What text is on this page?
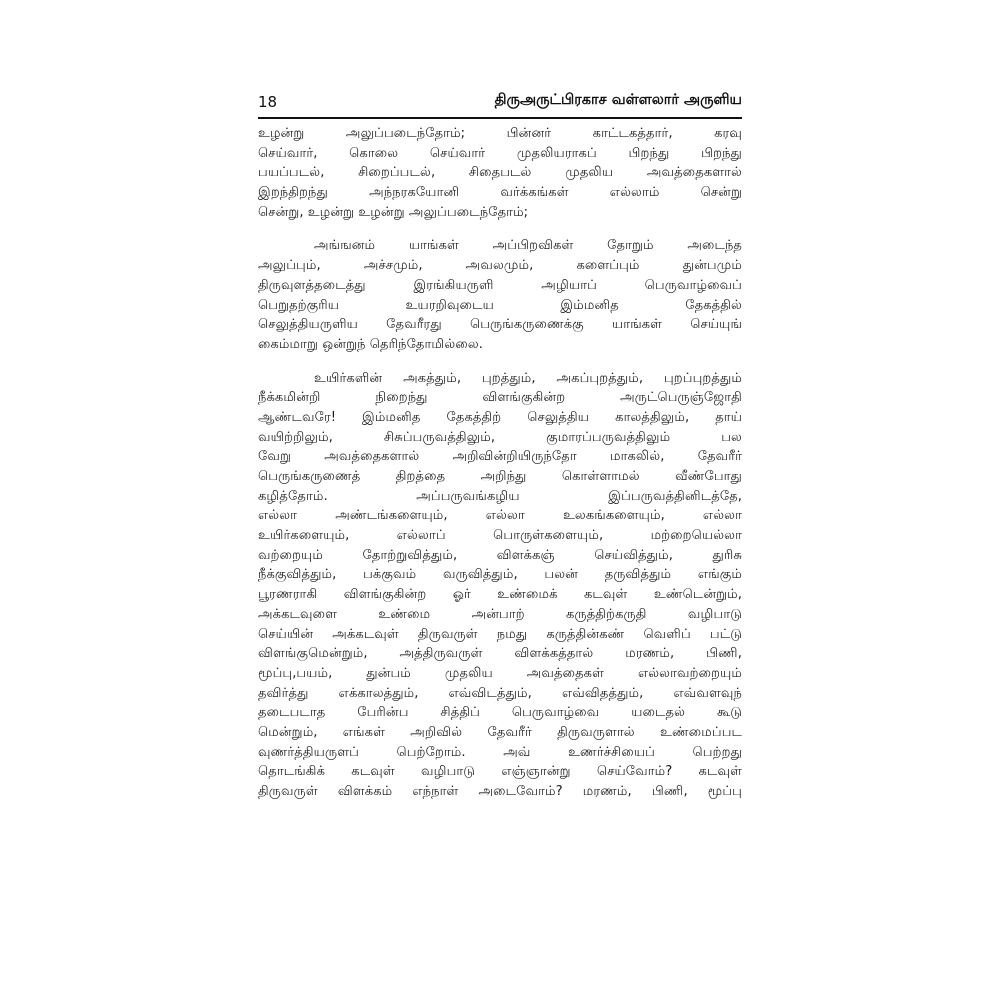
18	திருஅருட்பிரகாச வள்ளலார் அருளிய
உழன்று அலுப்படைந்தோம்; பின்னர் காட்டகத்தார், கரவு
செய்வார், கொலை செய்வார் முதலியராகப் பிறந்து பிறந்து
பயப்படல், சிறைப்படல், சிதைபடல் முதலிய அவத்தைகளால்
இறந்திறந்து அந்நரகயோனி வர்க்கங்கள் எல்லாம் சென்று
சென்று, உழன்று உழன்று அலுப்படைந்தோம்;
அங்ஙனம் யாங்கள் அப்பிறவிகள் தோறும் அடைந்த
அலுப்பும், அச்சமும், அவலமும், களைப்பும் துன்பமும்
திருவுளத்தடைத்து இரங்கியருளி அழியாப் பெருவாழ்வைப்
பெறுதற்குரிய உயரறிவுடைய இம்மனித தேகத்தில்
செலுத்தியருளிய தேவரீரது பெருங்கருணைக்கு யாங்கள் செய்யுங்
கைம்மாறு ஒன்றுந் தெரிந்தோமில்லை.
உயிர்களின் அகத்தும், புறத்தும், அகப்புறத்தும், புறப்புறத்தும்
நீக்கமின்றி நிறைந்து விளங்குகின்ற அருட்பெருஞ்ஜோதி
ஆண்டவரே! இம்மனித தேகத்திற் செலுத்திய காலத்திலும், தாய்
வயிற்றிலும், சிசுப்பருவத்திலும், குமாரப்பருவத்திலும் பல
வேறு அவத்தைகளால் அறிவின்றியிருந்தோ மாகலில், தேவரீர்
பெருங்கருணைத் திறத்தை அறிந்து கொள்ளாமல் வீண்போது
கழித்தோம். அப்பருவங்கழிய இப்பருவத்தினிடத்தே,
எல்லா அண்டங்களையும், எல்லா உலகங்களையும், எல்லா
உயிர்களையும், எல்லாப் பொருள்களையும், மற்றையெல்லா
வற்றையும் தோற்றுவித்தும், விளக்கஞ் செய்வித்தும், துரிசு
நீக்குவித்தும், பக்குவம் வருவித்தும், பலன் தருவித்தும் எங்கும்
பூரணராகி விளங்குகின்ற ஓர் உண்மைக் கடவுள் உண்டென்றும்,
அக்கடவுளை உண்மை அன்பாற் கருத்திற்கருதி வழிபாடு
செய்யின் அக்கடவுள் திருவருள் நமது கருத்தின்கண் வெளிப் பட்டு
விளங்குமென்றும், அத்திருவருள் விளக்கத்தால் மரணம், பிணி,
மூப்பு,பயம், துன்பம் முதலிய அவத்தைகள் எல்லாவற்றையும்
தவிர்த்து எக்காலத்தும், எவ்விடத்தும், எவ்விதத்தும், எவ்வளவுந்
தடைபடாத பேரின்ப சித்திப் பெருவாழ்வை யடைதல் கூடு
மென்றும், எங்கள் அறிவில் தேவரீர் திருவருளால் உண்மைப்பட
வுணர்த்தியருளப் பெற்றோம். அவ் உணர்ச்சியைப் பெற்றது
தொடங்கிக் கடவுள் வழிபாடு எஞ்ஞான்று செய்வோம்? கடவுள்
திருவருள் விளக்கம் எந்நாள் அடைவோம்? மரணம், பிணி, மூப்பு
